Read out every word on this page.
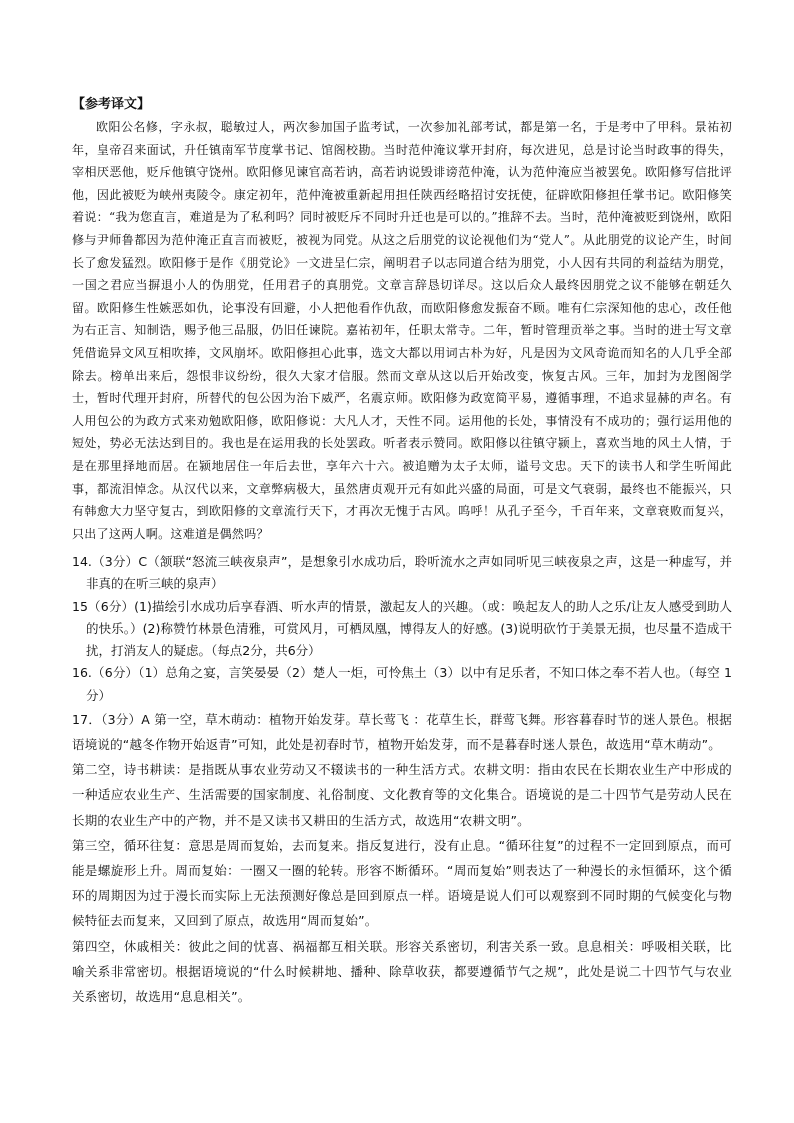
【参考译文】

欧阳公名修，字永叔，聪敏过人，两次参加国子监考试，一次参加礼部考试，都是第一名，于是考中了甲科。景祐初年，皇帝召来面试，升任镇南军节度掌书记、馆阁校勘。当时范仲淹议掌开封府，每次进见，总是讨论当时政事的得失，宰相厌恶他，贬斥他镇守饶州。欧阳修见谏官高若讷，高若讷说毁诽谤范仲淹，认为范仲淹应当被罢免。欧阳修写信批评他，因此被贬为峡州夷陵令。康定初年，范仲淹被重新起用担任陕西经略招讨安抚使，征辟欧阳修担任掌书记。欧阳修笑着说：“我为您直言，难道是为了私利吗？同时被贬斥不同时升迁也是可以的。”推辞不去。当时，范仲淹被贬到饶州，欧阳修与尹师鲁都因为范仲淹正直言而被贬，被视为同党。从这之后朋党的议论视他们为“党人”。从此朋党的议论产生，时间长了愈发猛烈。欧阳修于是作《朋党论》一文进呈仁宗，阐明君子以志同道合结为朋党，小人因有共同的利益结为朋党，一国之君应当摒退小人的伪朋党，任用君子的真朋党。文章言辞恳切详尽。这以后众人最终因朋党之议不能够在朝廷久留。欧阳修生性嫉恶如仇，论事没有回避，小人把他看作仇敌，而欧阳修愈发振奋不顾。唯有仁宗深知他的忠心，改任他为右正言、知制诰，赐予他三品服，仍旧任谏院。嘉祐初年，任职太常寺。二年，暂时管理贡举之事。当时的进士写文章凭借诡异文风互相吹捧，文风崩坏。欧阳修担心此事，选文大都以用词古朴为好，凡是因为文风奇诡而知名的人几乎全部除去。榜单出来后，怨恨非议纷纷，很久大家才信服。然而文章从这以后开始改变，恢复古风。三年，加封为龙图阁学士，暂时代理开封府，所替代的包公因为治下威严，名震京师。欧阳修为政宽简平易，遵循事理，不追求显赫的声名。有人用包公的为政方式来劝勉欧阳修，欧阳修说：大凡人才，天性不同。运用他的长处，事情没有不成功的；强行运用他的短处，势必无法达到目的。我也是在运用我的长处罢政。听者表示赞同。欧阳修以往镇守颍上，喜欢当地的风土人情，于是在那里择地而居。在颍地居住一年后去世，享年六十六。被追赠为太子太师，谥号文忠。天下的读书人和学生听闻此事，都流泪悼念。从汉代以来，文章弊病极大，虽然唐贞观开元有如此兴盛的局面，可是文气衰弱，最终也不能振兴，只有韩愈大力坚守复古，到欧阳修的文章流行天下，才再次无愧于古风。呜呼！从孔子至今，千百年来，文章衰败而复兴，只出了这两人啊。这难道是偶然吗？

14.（3分）C（颔联“怒流三峡夜泉声”，是想象引水成功后，聆听流水之声如同听见三峡夜泉之声，这是一种虚写，并非真的在听三峡的泉声）

15（6分）(1)描绘引水成功后享春酒、听水声的情景，激起友人的兴趣。（或：唤起友人的助人之乐/让友人感受到助人的快乐。）(2)称赞竹林景色清雅，可赏风月，可栖凤凰，博得友人的好感。(3)说明砍竹于美景无损，也尽量不造成干扰，打消友人的疑虑。（每点2分，共6分）

16.（6分）（1）总角之宴，言笑晏晏（2）楚人一炬，可怜焦土（3）以中有足乐者，不知口体之奉不若人也。（每空 1 分）

17．（3分）A 第一空，草木萌动：植物开始发芽。草长莺飞 ：花草生长，群莺飞舞。形容暮春时节的迷人景色。根据语境说的“越冬作物开始返青”可知，此处是初春时节，植物开始发芽，而不是暮春时迷人景色，故选用“草木萌动”。

第二空，诗书耕读：是指既从事农业劳动又不辍读书的一种生活方式。农耕文明：指由农民在长期农业生产中形成的一种适应农业生产、生活需要的国家制度、礼俗制度、文化教育等的文化集合。语境说的是二十四节气是劳动人民在长期的农业生产中的产物，并不是又读书又耕田的生活方式，故选用“农耕文明”。

第三空，循环往复：意思是周而复始，去而复来。指反复进行，没有止息。“循环往复”的过程不一定回到原点，而可能是螺旋形上升。周而复始：一圈又一圈的轮转。形容不断循环。“周而复始”则表达了一种漫长的永恒循环，这个循环的周期因为过于漫长而实际上无法预测好像总是回到原点一样。语境是说人们可以观察到不同时期的气候变化与物候特征去而复来，又回到了原点，故选用“周而复始”。

第四空，休戚相关：彼此之间的忧喜、祸福都互相关联。形容关系密切，利害关系一致。息息相关：呼吸相关联，比喻关系非常密切。根据语境说的“什么时候耕地、播种、除草收获，都要遵循节气之规”，此处是说二十四节气与农业关系密切，故选用“息息相关”。
